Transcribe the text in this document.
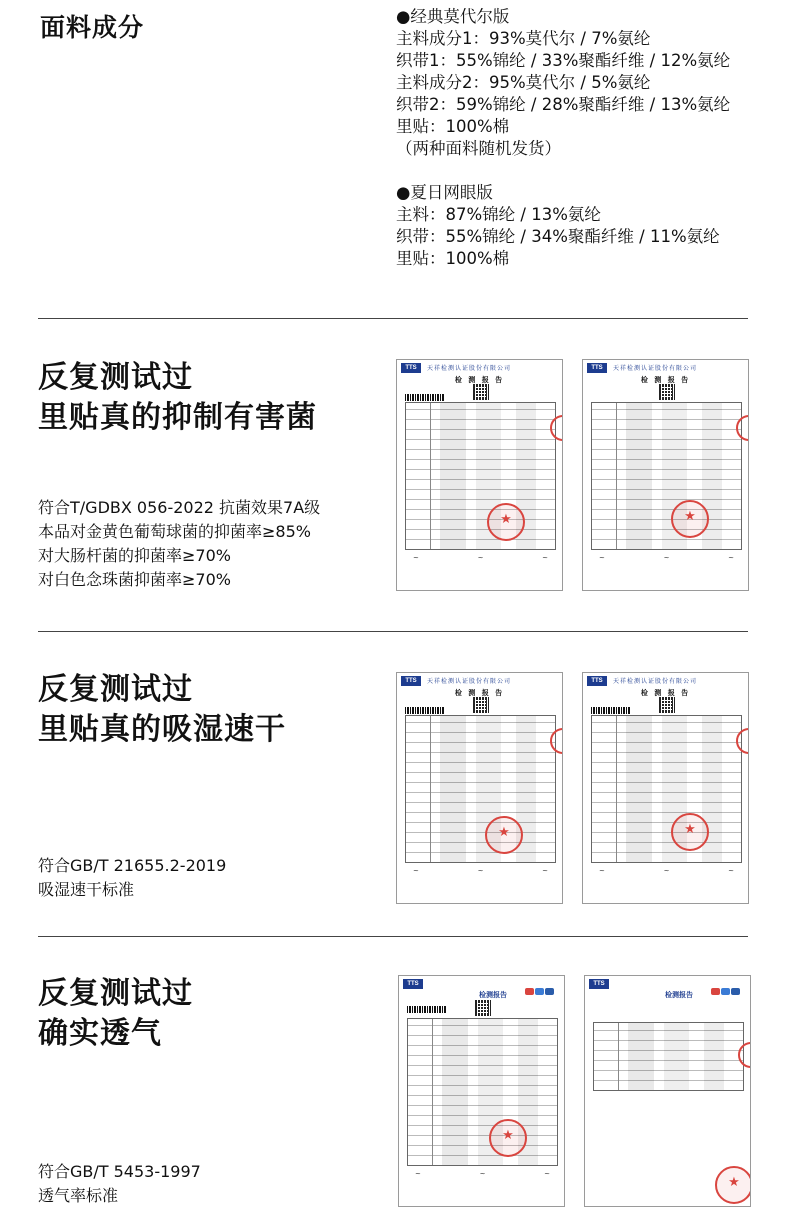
面料成分	●经典莫代尔版
主料成分1：93%莫代尔 / 7%氨纶
织带1：55%锦纶 / 33%聚酯纤维 / 12%氨纶
主料成分2：95%莫代尔 / 5%氨纶
织带2：59%锦纶 / 28%聚酯纤维 / 13%氨纶
里贴：100%棉
（两种面料随机发货）
●夏日网眼版
主料：87%锦纶 / 13%氨纶
织带：55%锦纶 / 34%聚酯纤维 / 11%氨纶
里贴：100%棉
反复测试过
里贴真的抑制有害菌
符合T/GDBX 056-2022 抗菌效果7A级
本品对金黄色葡萄球菌的抑菌率≥85%
对大肠杆菌的抑菌率≥70%
对白色念珠菌抑菌率≥70%
TTS	天祥检测认证股份有限公司
检 测 报 告
★
~	~	~
TTS	天祥检测认证股份有限公司
检 测 报 告
★
~	~	~
反复测试过
里贴真的吸湿速干
符合GB/T 21655.2-2019
吸湿速干标准
TTS	天祥检测认证股份有限公司
检 测 报 告
★
~	~	~
TTS	天祥检测认证股份有限公司
检 测 报 告
★
~	~	~
反复测试过
确实透气
符合GB/T 5453-1997
透气率标准
TTS
检测报告
★
~	~	~
TTS
检测报告
★
